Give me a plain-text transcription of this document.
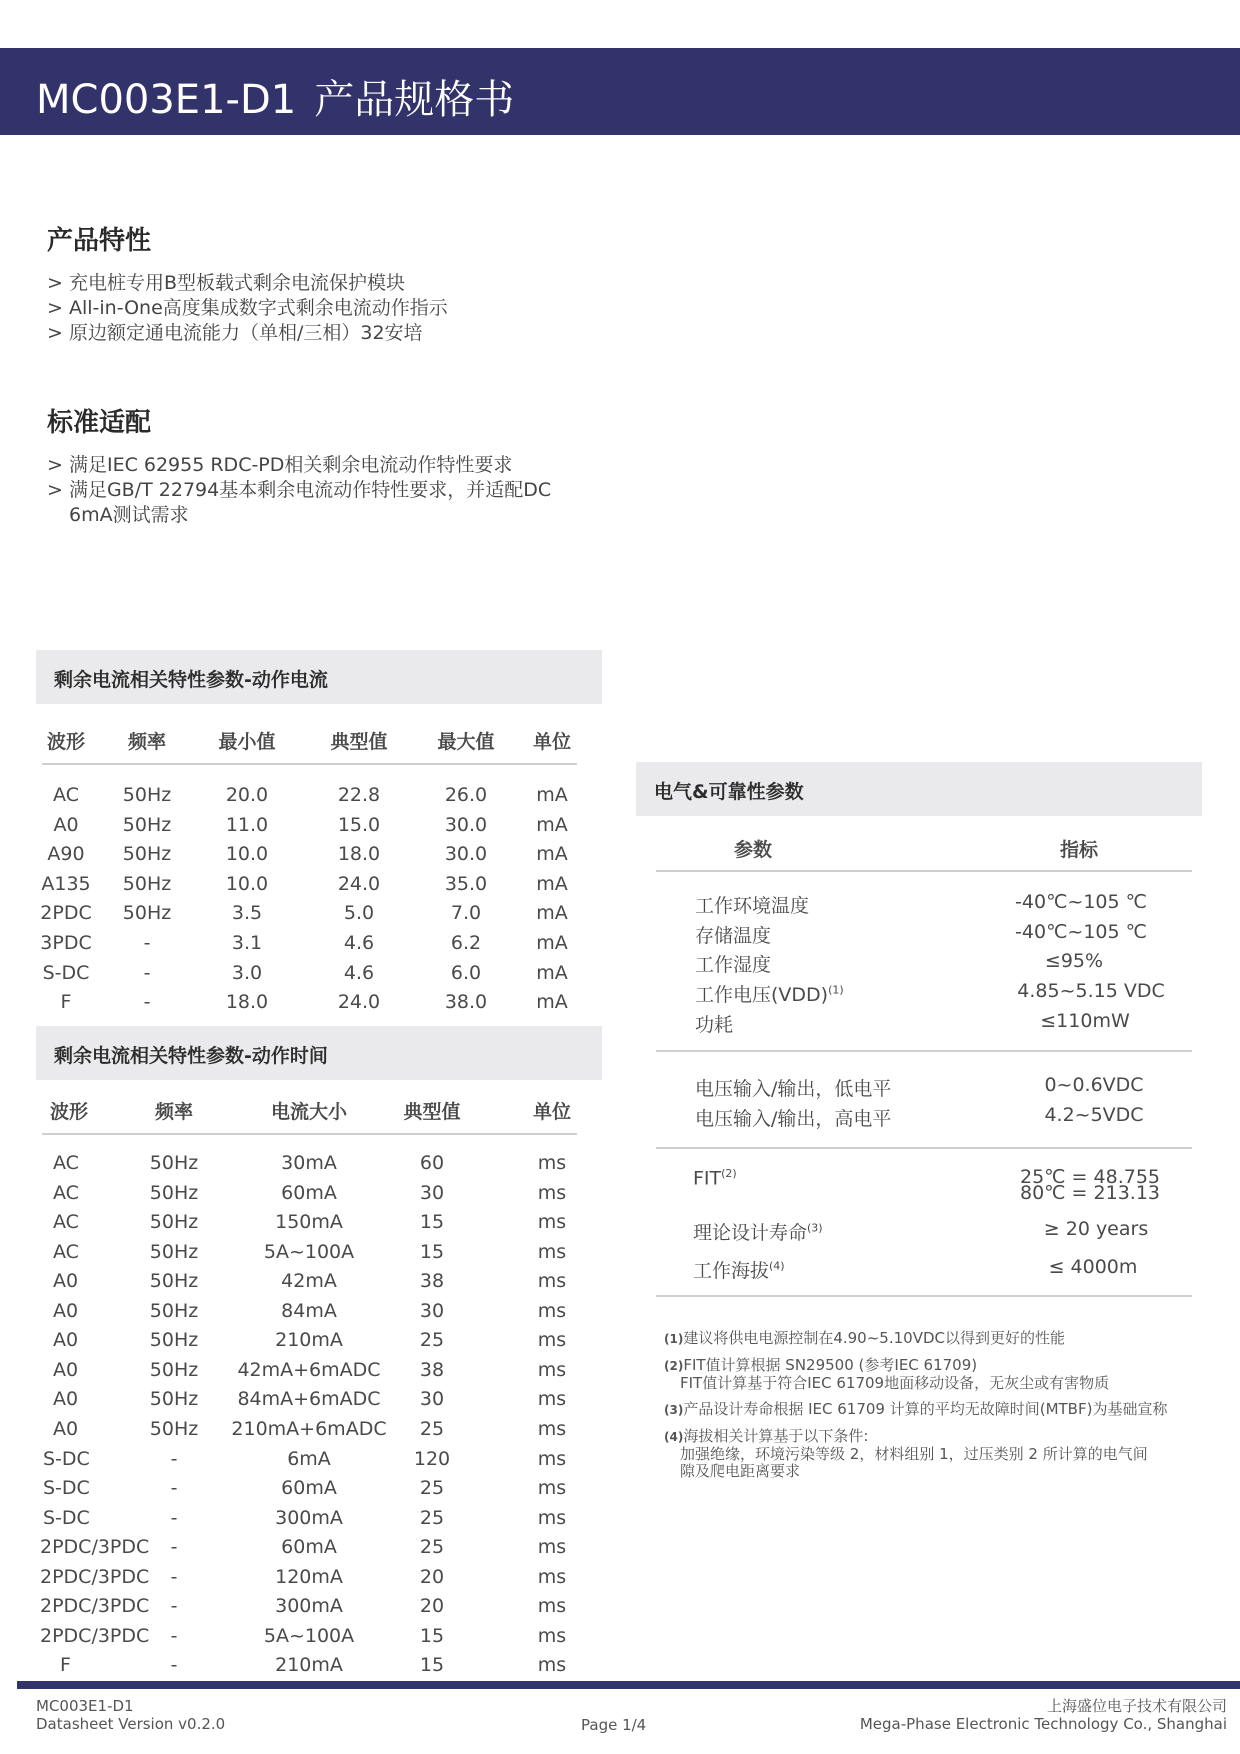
MC003E1-D1 产品规格书
产品特性
> 充电桩专用B型板载式剩余电流保护模块
> All-in-One高度集成数字式剩余电流动作指示
> 原边额定通电流能力（单相/三相）32安培
标准适配
> 满足IEC 62955 RDC-PD相关剩余电流动作特性要求
> 满足GB/T 22794基本剩余电流动作特性要求，并适配DC
6mA测试需求
剩余电流相关特性参数-动作电流
波形 频率	最小值	典型值	最大值 单位
AC 50Hz	20.0	22.8	26.0	mA
A0 50Hz	11.0	15.0	30.0	mA
A90 50Hz	10.0	18.0	30.0	mA
A135 50Hz	10.0	24.0	35.0	mA
2PDC 50Hz	3.5	5.0	7.0	mA
3PDC	-	3.1	4.6	6.2	mA
S-DC	-	3.0	4.6	6.0	mA
F	-	18.0	24.0	38.0	mA
剩余电流相关特性参数-动作时间
波形	频率	电流大小	典型值	单位
AC	50Hz	30mA	60	ms
AC	50Hz	60mA	30	ms
AC	50Hz	150mA	15	ms
AC	50Hz	5A~100A	15	ms
A0	50Hz	42mA	38	ms
A0	50Hz	84mA	30	ms
A0	50Hz	210mA	25	ms
A0	50Hz 42mA+6mADC 38	ms
A0	50Hz 84mA+6mADC 30	ms
A0	50Hz 210mA+6mADC 25	ms
S-DC	-	6mA	120	ms
S-DC	-	60mA	25	ms
S-DC	-	300mA	25	ms
2PDC/3PDC -	60mA	25	ms
2PDC/3PDC -	120mA	20	ms
2PDC/3PDC -	300mA	20	ms
2PDC/3PDC -	5A~100A	15	ms
F	-	210mA	15	ms
电气&可靠性参数
参数	指标
工作环境温度	-40℃~105 ℃
存储温度	-40℃~105 ℃
工作湿度	≤95%
工作电压(VDD)$^{(1)}$	4.85~5.15 VDC
功耗	≤110mW
电压输入/输出，低电平	0~0.6VDC
电压输入/输出，高电平	4.2~5VDC
FIT$^{(2)}$	25℃ = 48.755
80℃ = 213.13
理论设计寿命$^{(3)}$	≥ 20 years
工作海拔$^{(4)}$	≤ 4000m
(1)建议将供电电源控制在4.90~5.10VDC以得到更好的性能
(2)FIT值计算根据 SN29500 (参考IEC 61709)
FIT值计算基于符合IEC 61709地面移动设备，无灰尘或有害物质
(3)产品设计寿命根据 IEC 61709 计算的平均无故障时间(MTBF)为基础宣称
(4)海拔相关计算基于以下条件:
加强绝缘，环境污染等级 2，材料组别 1，过压类别 2 所计算的电气间
隙及爬电距离要求
MC003E1-D1
Datasheet Version v0.2.0	Page 1/4
上海盛位电子技术有限公司
Mega-Phase Electronic Technology Co., Shanghai
